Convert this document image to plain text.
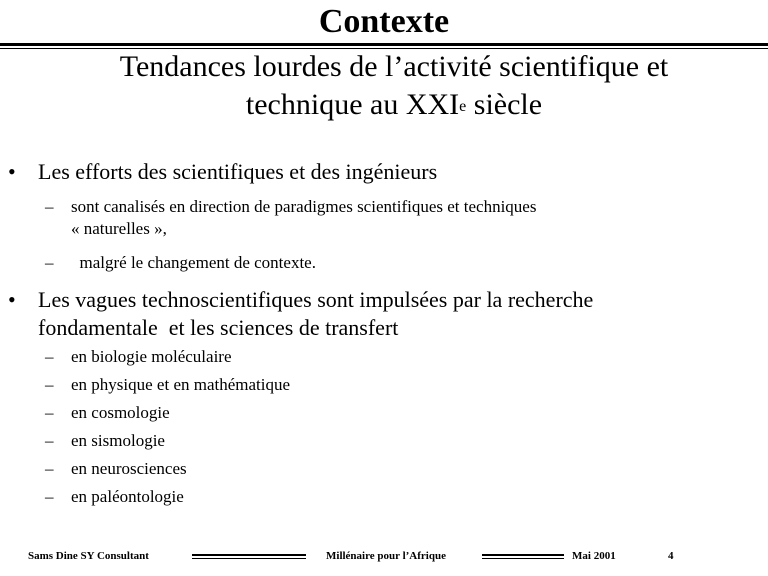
Contexte
Tendances lourdes de l’activité scientifique et
technique au XXIe siècle
• Les efforts des scientifiques et des ingénieurs
– sont canalisés en direction de paradigmes scientifiques et techniques
« naturelles »,
– malgré le changement de contexte.
• Les vagues technoscientifiques sont impulsées par la recherche
fondamentale  et les sciences de transfert
– en biologie moléculaire
– en physique et en mathématique
– en cosmologie
– en sismologie
– en neurosciences
– en paléontologie
Sams Dine SY Consultant	Millénaire pour l’Afrique	Mai 2001	4
